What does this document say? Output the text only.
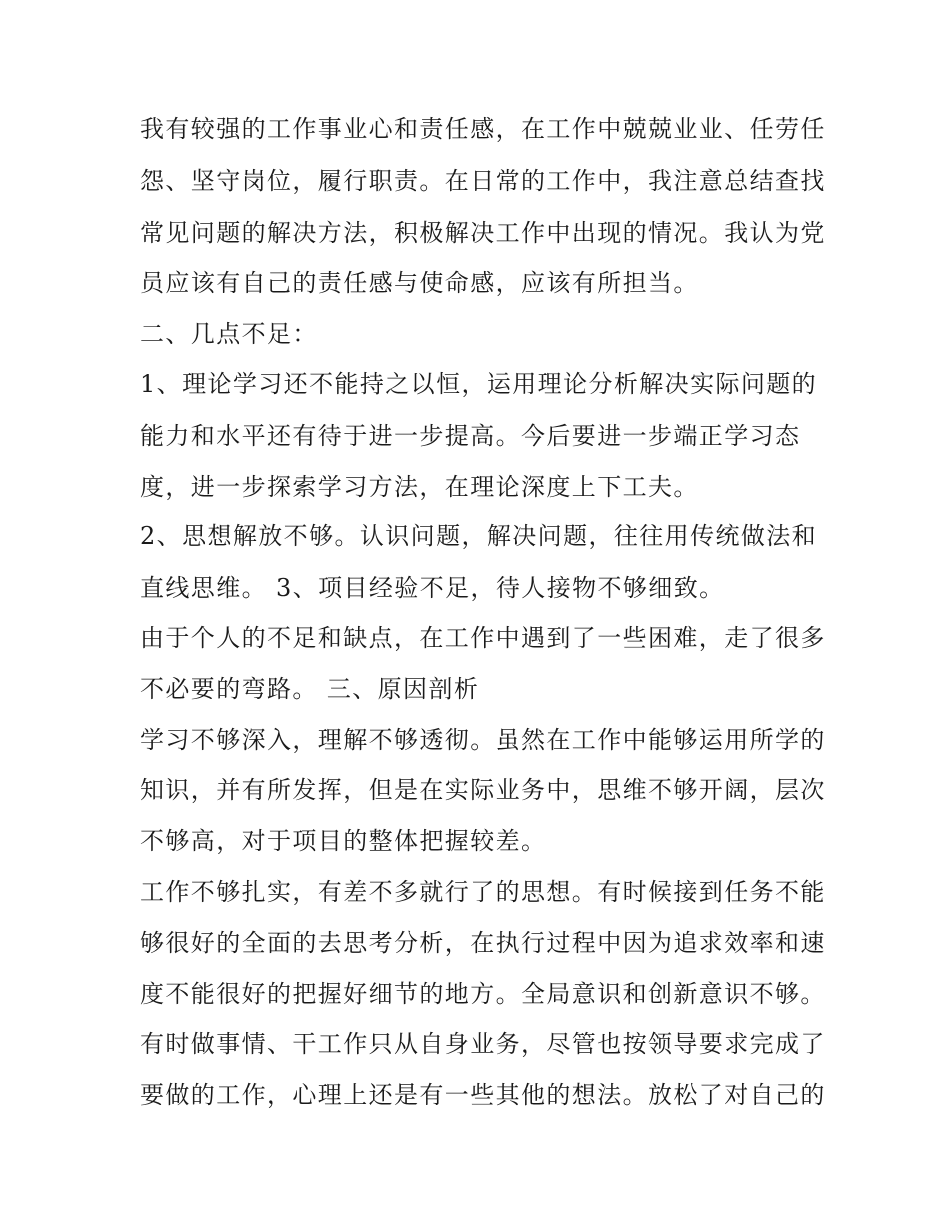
我有较强的工作事业心和责任感，在工作中兢兢业业、任劳任
怨、坚守岗位，履行职责。在日常的工作中，我注意总结查找
常见问题的解决方法，积极解决工作中出现的情况。我认为党
员应该有自己的责任感与使命感，应该有所担当。
二、几点不足：
1、理论学习还不能持之以恒，运用理论分析解决实际问题的
能力和水平还有待于进一步提高。今后要进一步端正学习态
度，进一步探索学习方法，在理论深度上下工夫。
2、思想解放不够。认识问题，解决问题，往往用传统做法和
直线思维。 3、项目经验不足，待人接物不够细致。
由于个人的不足和缺点，在工作中遇到了一些困难，走了很多
不必要的弯路。 三、原因剖析
学习不够深入，理解不够透彻。虽然在工作中能够运用所学的
知识，并有所发挥，但是在实际业务中，思维不够开阔，层次
不够高，对于项目的整体把握较差。
工作不够扎实，有差不多就行了的思想。有时候接到任务不能
够很好的全面的去思考分析，在执行过程中因为追求效率和速
度不能很好的把握好细节的地方。全局意识和创新意识不够。
有时做事情、干工作只从自身业务，尽管也按领导要求完成了
要做的工作，心理上还是有一些其他的想法。放松了对自己的
